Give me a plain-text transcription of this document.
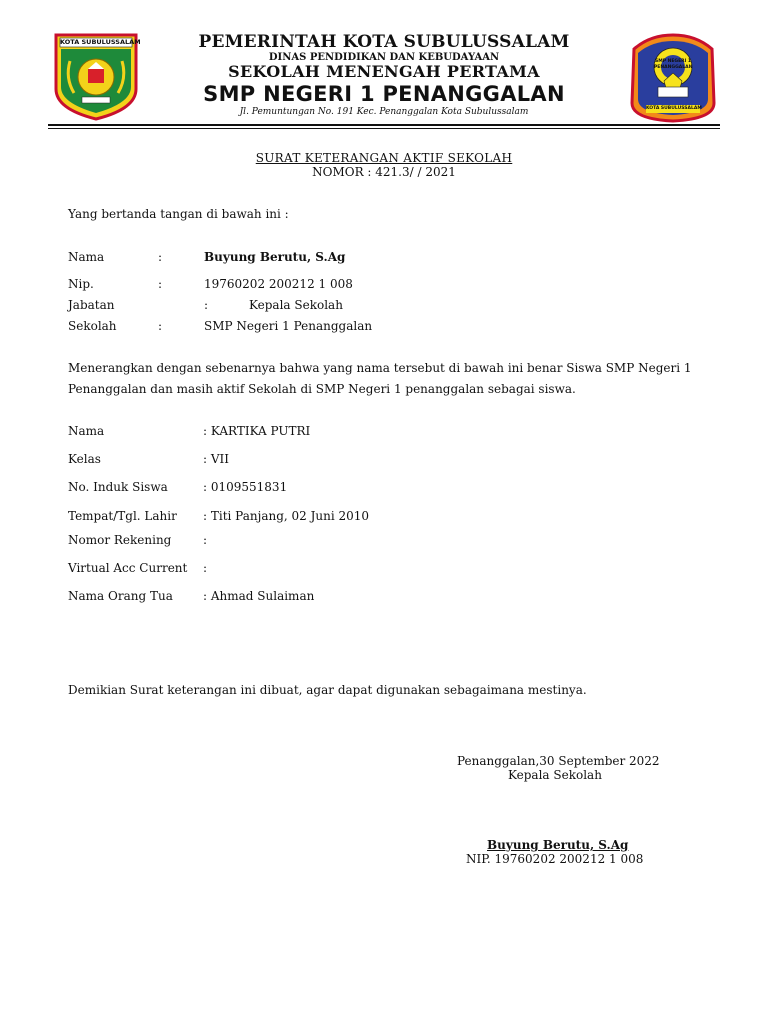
KOTA SUBULUSSALAM
SMP NEGERI 1 PENANGGALAN
KOTA SUBULUSSALAM
PEMERINTAH KOTA SUBULUSSALAM
DINAS PENDIDIKAN DAN KEBUDAYAAN
SEKOLAH MENENGAH PERTAMA
SMP NEGERI 1 PENANGGALAN
Jl. Pemuntungan No. 191 Kec. Penanggalan Kota Subulussalam
SURAT KETERANGAN AKTIF SEKOLAH
NOMOR : 421.3/ / 2021
Yang bertanda tangan di bawah ini :
Nama	:	Buyung Berutu, S.Ag
Nip.	:	19760202 200212 1 008
Jabatan	:	Kepala Sekolah
Sekolah	:	SMP Negeri 1 Penanggalan
Menerangkan dengan sebenarnya bahwa yang nama tersebut di bawah ini benar Siswa SMP Negeri 1 Penanggalan dan masih aktif Sekolah di SMP Negeri 1 penanggalan sebagai siswa.
Nama	: KARTIKA PUTRI
Kelas	: VII
No. Induk Siswa	: 0109551831
Tempat/Tgl. Lahir : Titi Panjang, 02 Juni 2010
Nomor Rekening	:
Virtual Acc Current :
Nama Orang Tua	: Ahmad Sulaiman
Demikian Surat keterangan ini dibuat, agar dapat digunakan sebagaimana mestinya.
Penanggalan,30 September 2022
Kepala Sekolah
Buyung Berutu, S.Ag
NIP. 19760202 200212 1 008
